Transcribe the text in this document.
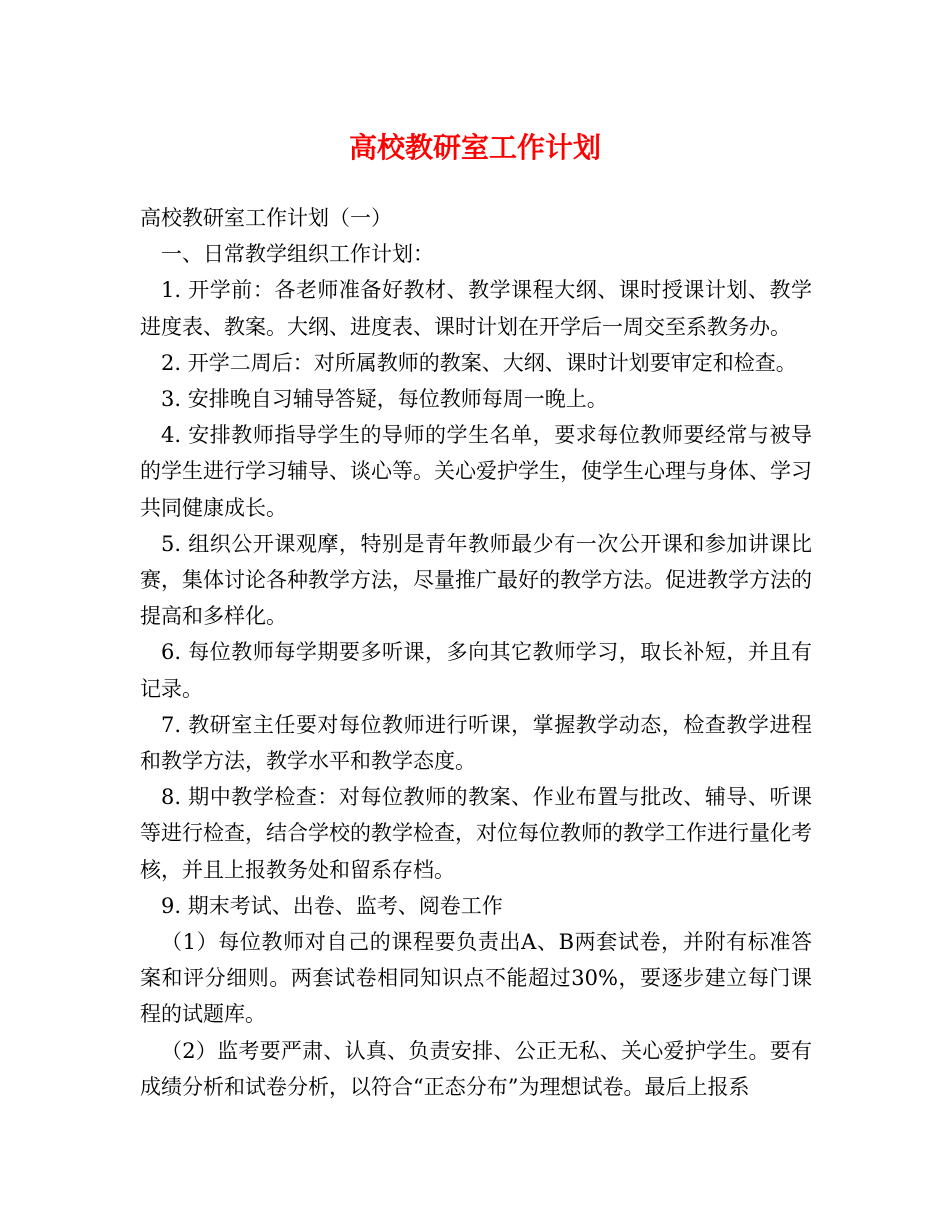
高校教研室工作计划

高校教研室工作计划（一）

一、日常教学组织工作计划：

1. 开学前：各老师准备好教材、教学课程大纲、课时授课计划、教学进度表、教案。大纲、进度表、课时计划在开学后一周交至系教务办。

2. 开学二周后：对所属教师的教案、大纲、课时计划要审定和检查。

3. 安排晚自习辅导答疑，每位教师每周一晚上。

4. 安排教师指导学生的导师的学生名单，要求每位教师要经常与被导的学生进行学习辅导、谈心等。关心爱护学生，使学生心理与身体、学习共同健康成长。

5. 组织公开课观摩，特别是青年教师最少有一次公开课和参加讲课比赛，集体讨论各种教学方法，尽量推广最好的教学方法。促进教学方法的提高和多样化。

6. 每位教师每学期要多听课，多向其它教师学习，取长补短，并且有记录。

7. 教研室主任要对每位教师进行听课，掌握教学动态，检查教学进程和教学方法，教学水平和教学态度。

8. 期中教学检查：对每位教师的教案、作业布置与批改、辅导、听课等进行检查，结合学校的教学检查，对位每位教师的教学工作进行量化考核，并且上报教务处和留系存档。

9. 期末考试、出卷、监考、阅卷工作

（1）每位教师对自己的课程要负责出A、B两套试卷，并附有标准答案和评分细则。两套试卷相同知识点不能超过30%，要逐步建立每门课程的试题库。

（2）监考要严肃、认真、负责安排、公正无私、关心爱护学生。要有成绩分析和试卷分析，以符合“正态分布”为理想试卷。最后上报系
